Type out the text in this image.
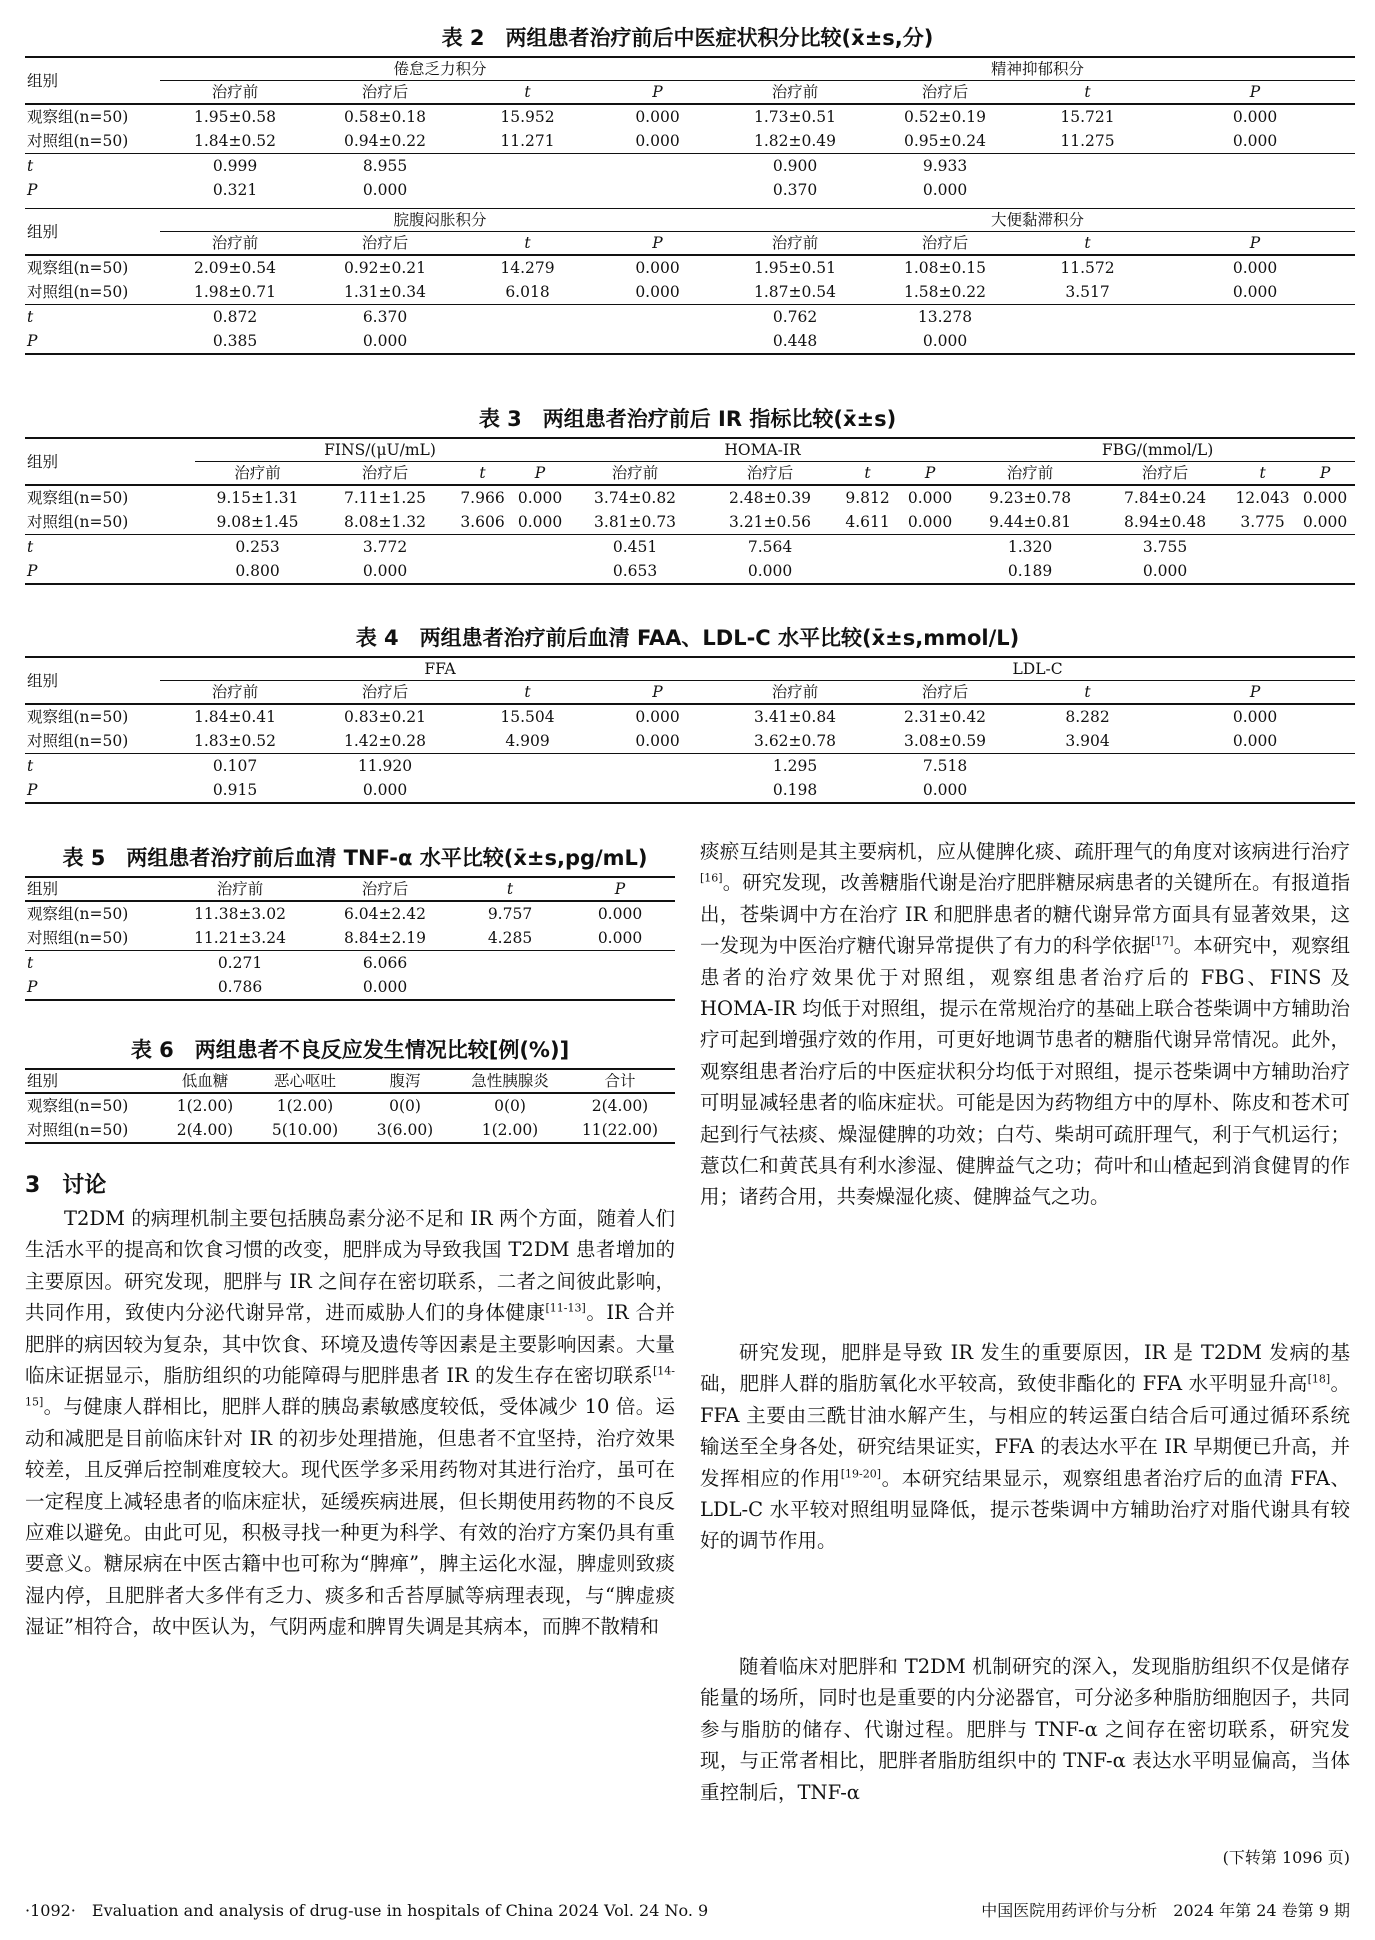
表 2　两组患者治疗前后中医症状积分比较(x̄±s,分)
组别	倦怠乏力积分				精神抑郁积分				
	治疗前	治疗后	t	P	治疗前	治疗后	t	P	
观察组(n=50)	1.95±0.58	0.58±0.18	15.952	0.000	1.73±0.51	0.52±0.19	15.721	0.000	
对照组(n=50)	1.84±0.52	0.94±0.22	11.271	0.000	1.82±0.49	0.95±0.24	11.275	0.000	
t	0.999	8.955			0.900	9.933			
P	0.321	0.000			0.370	0.000			
组别	脘腹闷胀积分				大便黏滞积分				
	治疗前	治疗后	t	P	治疗前	治疗后	t	P	
观察组(n=50)	2.09±0.54	0.92±0.21	14.279	0.000	1.95±0.51	1.08±0.15	11.572	0.000	
对照组(n=50)	1.98±0.71	1.31±0.34	6.018	0.000	1.87±0.54	1.58±0.22	3.517	0.000	
t	0.872	6.370			0.762	13.278			
P	0.385	0.000			0.448	0.000			
表 3　两组患者治疗前后 IR 指标比较(x̄±s)
组别	FINS/(μU/mL)				HOMA-IR				FBG/(mmol/L)			
	治疗前	治疗后	t	P	治疗前	治疗后	t	P	治疗前	治疗后	t	P
观察组(n=50)	9.15±1.31	7.11±1.25	7.966	0.000	3.74±0.82	2.48±0.39	9.812	0.000	9.23±0.78	7.84±0.24	12.043	0.000
对照组(n=50)	9.08±1.45	8.08±1.32	3.606	0.000	3.81±0.73	3.21±0.56	4.611	0.000	9.44±0.81	8.94±0.48	3.775	0.000
t	0.253	3.772			0.451	7.564			1.320	3.755		
P	0.800	0.000			0.653	0.000			0.189	0.000		
表 4　两组患者治疗前后血清 FAA、LDL-C 水平比较(x̄±s,mmol/L)
组别	FFA				LDL-C				
	治疗前	治疗后	t	P	治疗前	治疗后	t	P	
观察组(n=50)	1.84±0.41	0.83±0.21	15.504	0.000	3.41±0.84	2.31±0.42	8.282	0.000	
对照组(n=50)	1.83±0.52	1.42±0.28	4.909	0.000	3.62±0.78	3.08±0.59	3.904	0.000	
t	0.107	11.920			1.295	7.518			
P	0.915	0.000			0.198	0.000			
表 5　两组患者治疗前后血清 TNF-α 水平比较(x̄±s,pg/mL)
组别	治疗前	治疗后	t	P
观察组(n=50)	11.38±3.02	6.04±2.42	9.757	0.000
对照组(n=50)	11.21±3.24	8.84±2.19	4.285	0.000
t	0.271	6.066		
P	0.786	0.000		
表 6　两组患者不良反应发生情况比较[例(%)]
组别	低血糖	恶心呕吐	腹泻	急性胰腺炎	合计
观察组(n=50)	1(2.00)	1(2.00)	0(0)	0(0)	2(4.00)
对照组(n=50)	2(4.00)	5(10.00)	3(6.00)	1(2.00)	11(22.00)
3　讨论
T2DM 的病理机制主要包括胰岛素分泌不足和 IR 两个方面，随着人们生活水平的提高和饮食习惯的改变，肥胖成为导致我国 T2DM 患者增加的主要原因。研究发现，肥胖与 IR 之间存在密切联系，二者之间彼此影响，共同作用，致使内分泌代谢异常，进而威胁人们的身体健康[11-13]。IR 合并肥胖的病因较为复杂，其中饮食、环境及遗传等因素是主要影响因素。大量临床证据显示，脂肪组织的功能障碍与肥胖患者 IR 的发生存在密切联系[14-15]。与健康人群相比，肥胖人群的胰岛素敏感度较低，受体减少 10 倍。运动和减肥是目前临床针对 IR 的初步处理措施，但患者不宜坚持，治疗效果较差，且反弹后控制难度较大。现代医学多采用药物对其进行治疗，虽可在一定程度上减轻患者的临床症状，延缓疾病进展，但长期使用药物的不良反应难以避免。由此可见，积极寻找一种更为科学、有效的治疗方案仍具有重要意义。糖尿病在中医古籍中也可称为“脾瘅”，脾主运化水湿，脾虚则致痰湿内停，且肥胖者大多伴有乏力、痰多和舌苔厚腻等病理表现，与“脾虚痰湿证”相符合，故中医认为，气阴两虚和脾胃失调是其病本，而脾不散精和
痰瘀互结则是其主要病机，应从健脾化痰、疏肝理气的角度对该病进行治疗[16]。研究发现，改善糖脂代谢是治疗肥胖糖尿病患者的关键所在。有报道指出，苍柴调中方在治疗 IR 和肥胖患者的糖代谢异常方面具有显著效果，这一发现为中医治疗糖代谢异常提供了有力的科学依据[17]。本研究中，观察组患者的治疗效果优于对照组，观察组患者治疗后的 FBG、FINS 及 HOMA-IR 均低于对照组，提示在常规治疗的基础上联合苍柴调中方辅助治疗可起到增强疗效的作用，可更好地调节患者的糖脂代谢异常情况。此外，观察组患者治疗后的中医症状积分均低于对照组，提示苍柴调中方辅助治疗可明显减轻患者的临床症状。可能是因为药物组方中的厚朴、陈皮和苍术可起到行气祛痰、燥湿健脾的功效；白芍、柴胡可疏肝理气，利于气机运行；薏苡仁和黄芪具有利水渗湿、健脾益气之功；荷叶和山楂起到消食健胃的作用；诸药合用，共奏燥湿化痰、健脾益气之功。
研究发现，肥胖是导致 IR 发生的重要原因，IR 是 T2DM 发病的基础，肥胖人群的脂肪氧化水平较高，致使非酯化的 FFA 水平明显升高[18]。FFA 主要由三酰甘油水解产生，与相应的转运蛋白结合后可通过循环系统输送至全身各处，研究结果证实，FFA 的表达水平在 IR 早期便已升高，并发挥相应的作用[19-20]。本研究结果显示，观察组患者治疗后的血清 FFA、LDL-C 水平较对照组明显降低，提示苍柴调中方辅助治疗对脂代谢具有较好的调节作用。
随着临床对肥胖和 T2DM 机制研究的深入，发现脂肪组织不仅是储存能量的场所，同时也是重要的内分泌器官，可分泌多种脂肪细胞因子，共同参与脂肪的储存、代谢过程。肥胖与 TNF-α 之间存在密切联系，研究发现，与正常者相比，肥胖者脂肪组织中的 TNF-α 表达水平明显偏高，当体重控制后，TNF-α
(下转第 1096 页)
·1092·　Evaluation and analysis of drug-use in hospitals of China 2024 Vol. 24 No. 9	中国医院用药评价与分析　2024 年第 24 卷第 9 期
